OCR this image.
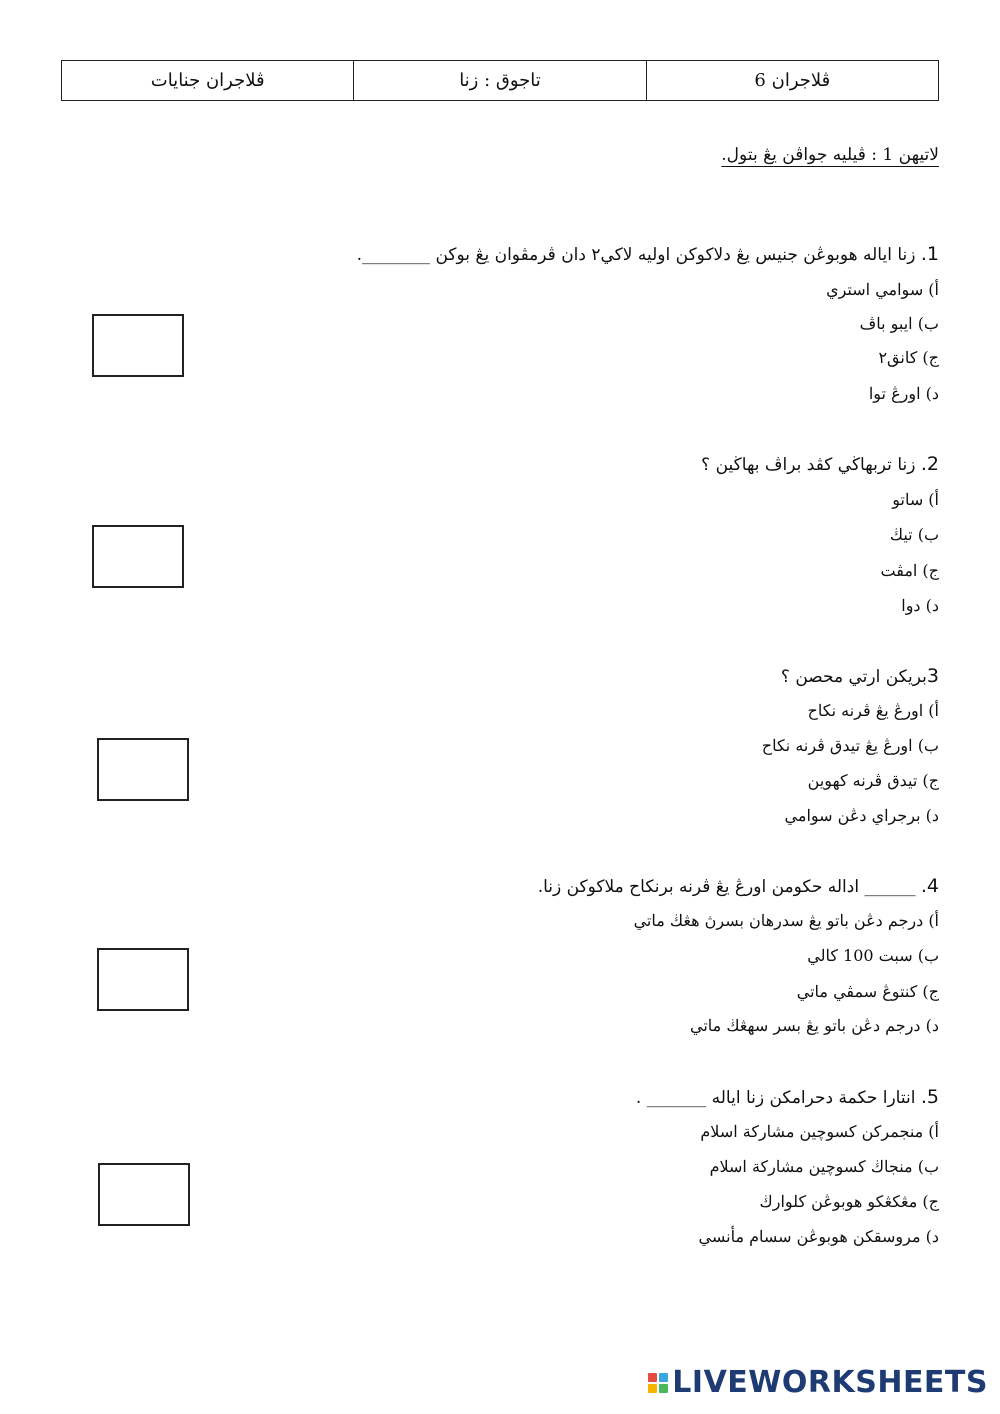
ڤلاجران جنايات	تاجوق : زنا	ڤلاجران 6
لاتيهن 1 : ڤيليه جواڤن يڠ بتول.
1. زنا اياله هوبوڠن جنيس يڠ دلاكوكن اوليه لاكي٢ دان ڤرمڤوان يڠ بوكن ________.
أ) سوامي استري
ب) ايبو باڤ
ج) كانق٢
د) اورڠ توا
2. زنا تربهاڬي كڤد براڤ بهاڬين ؟
أ) ساتو
ب) تيڬ
ج) امڤت
د) دوا
3بريكن ارتي محصن ؟
أ) اورڠ يڠ ڤرنه نكاح
ب) اورڠ يڠ تيدق ڤرنه نكاح
ج) تيدق ڤرنه كهوين
د) برجراي دڠن سوامي
4. ______ اداله حكومن اورڠ يڠ ڤرنه برنكاح ملاكوكن زنا.
أ) درجم دڠن باتو يڠ سدرهان بسرڽ هڠڬ ماتي
ب) سبت 100 كالي
ج) كنتوڠ سمڤي ماتي
د) درجم دڠن باتو يڠ بسر سهڠڬ ماتي
5. انتارا حكمة دحرامكن زنا اياله _______ .
أ) منجمركن كسوچين مشاركة اسلام
ب) منجاڬ كسوچين مشاركة اسلام
ج) مڠكڠكو هوبوڠن كلوارڬ
د) مروسقكن هوبوڠن سسام مأنسي
LIVEWORKSHEETS
